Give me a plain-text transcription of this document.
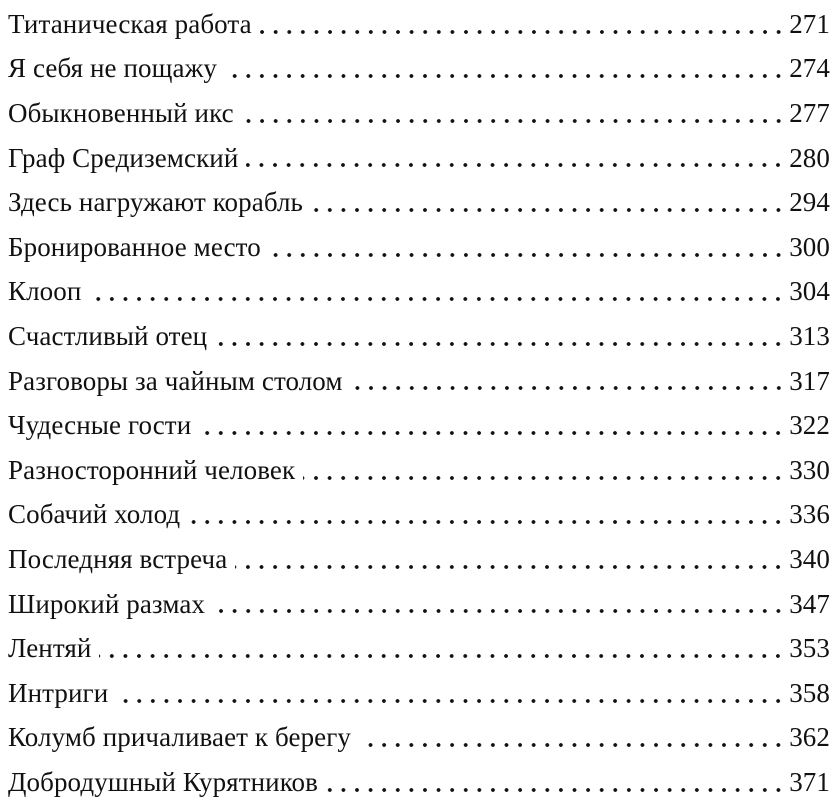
Титаническая работа	271
Я себя не пощажу	274
Обыкновенный икс	277
Граф Средиземский	280
Здесь нагружают корабль	294
Бронированное место	300
Клооп	304
Счастливый отец	313
Разговоры за чайным столом	317
Чудесные гости	322
Разносторонний человек	330
Собачий холод	336
Последняя встреча	340
Широкий размах	347
Лентяй	353
Интриги	358
Колумб причаливает к берегу	362
Добродушный Курятников	371
